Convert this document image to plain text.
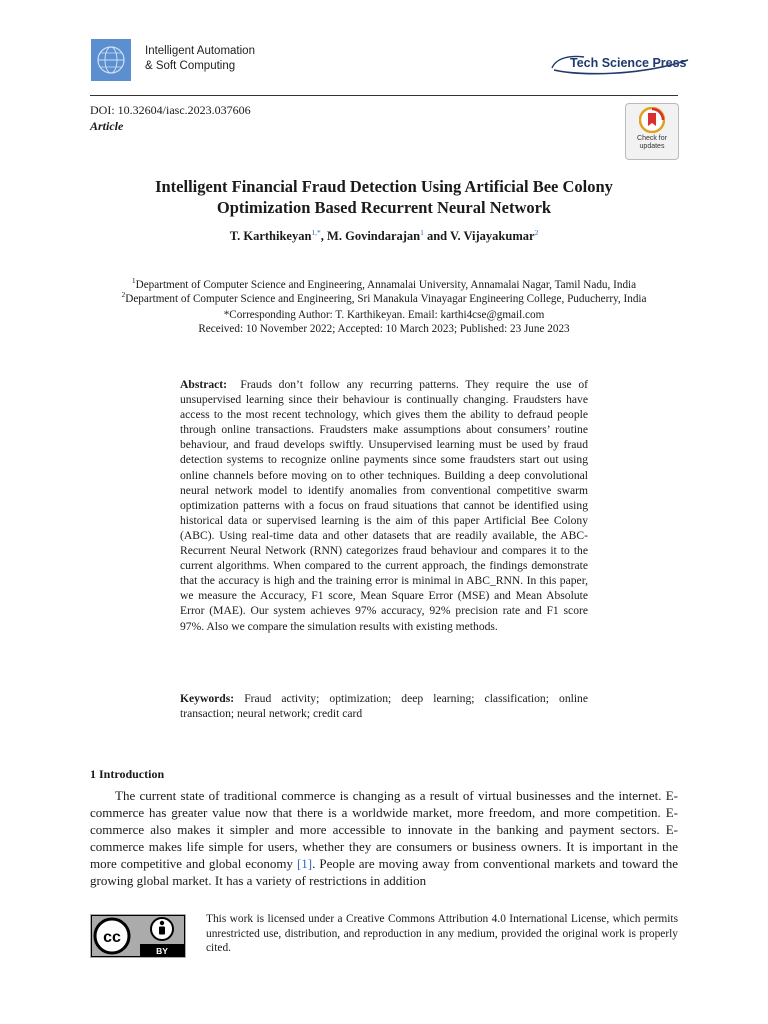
Intelligent Automation
& Soft Computing	Tech Science Press
DOI: 10.32604/iasc.2023.037606
Article
Check for
updates
Intelligent Financial Fraud Detection Using Artificial Bee Colony
Optimization Based Recurrent Neural Network
T. Karthikeyan$^{1,*}$, M. Govindarajan$^1$ and V. Vijayakumar$^2$
$^1$Department of Computer Science and Engineering, Annamalai University, Annamalai Nagar, Tamil Nadu, India
$^2$Department of Computer Science and Engineering, Sri Manakula Vinayagar Engineering College, Puducherry, India
*Corresponding Author: T. Karthikeyan. Email: karthi4cse@gmail.com
Received: 10 November 2022; Accepted: 10 March 2023; Published: 23 June 2023
Abstract: Frauds don’t follow any recurring patterns. They require the use of unsupervised learning since their behaviour is continually changing. Fraudsters have access to the most recent technology, which gives them the ability to defraud people through online transactions. Fraudsters make assumptions about consumers’ routine behaviour, and fraud develops swiftly. Unsupervised learning must be used by fraud detection systems to recognize online payments since some fraudsters start out using online channels before moving on to other techniques. Building a deep convolutional neural network model to identify anomalies from conventional competitive swarm optimization patterns with a focus on fraud situations that cannot be identified using historical data or supervised learning is the aim of this paper Artificial Bee Colony (ABC). Using real-time data and other datasets that are readily available, the ABC-Recurrent Neural Network (RNN) categorizes fraud behaviour and compares it to the current algorithms. When compared to the current approach, the findings demonstrate that the accuracy is high and the training error is minimal in ABC_RNN. In this paper, we measure the Accuracy, F1 score, Mean Square Error (MSE) and Mean Absolute Error (MAE). Our system achieves 97% accuracy, 92% precision rate and F1 score 97%. Also we compare the simulation results with existing methods.
Keywords: Fraud activity; optimization; deep learning; classification; online transaction; neural network; credit card
1 Introduction

The current state of traditional commerce is changing as a result of virtual businesses and the internet. E-commerce has greater value now that there is a worldwide market, more freedom, and more competition. E-commerce also makes it simpler and more accessible to innovate in the banking and payment sectors. E-commerce makes life simple for users, whether they are consumers or business owners. It is important in the more competitive and global economy [1]. People are moving away from conventional markets and toward the growing global market. It has a variety of restrictions in addition

cc
BY
This work is licensed under a Creative Commons Attribution 4.0 International License, which permits unrestricted use, distribution, and reproduction in any medium, provided the original work is properly cited.
